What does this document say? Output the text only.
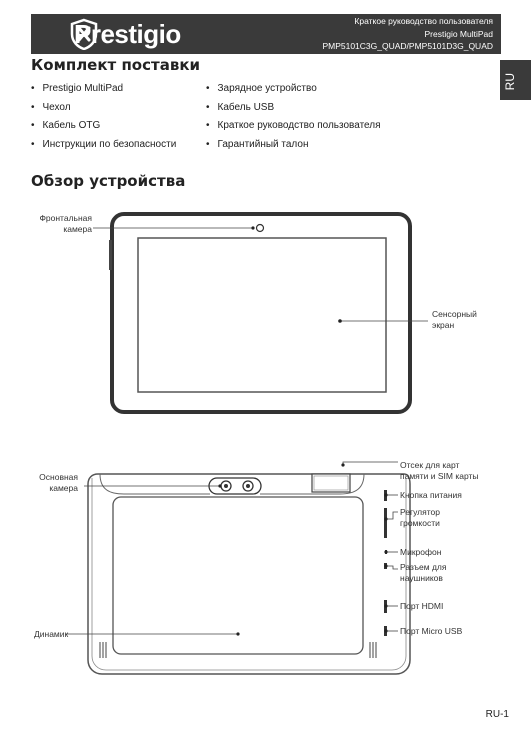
Prestigio	Краткое руководство пользователя
Prestigio MultiPad
PMP5101C3G_QUAD/PMP5101D3G_QUAD
RU
Комплект поставки
• Prestigio MultiPad
• Чехол
• Кабель OTG
• Инструкции по безопасности
• Зарядное устройство
• Кабель USB
• Краткое руководство пользователя
• Гарантийный талон
Обзор устройства
Фронтальная
камера
Сенсорный
экран
Основная
камера
Отсек для карт
памяти и SIM карты
Кнопка питания
Регулятор
громкости
Микрофон
Разъем для
наушников
Порт HDMI
Порт Micro USB
Динамик
RU-1
